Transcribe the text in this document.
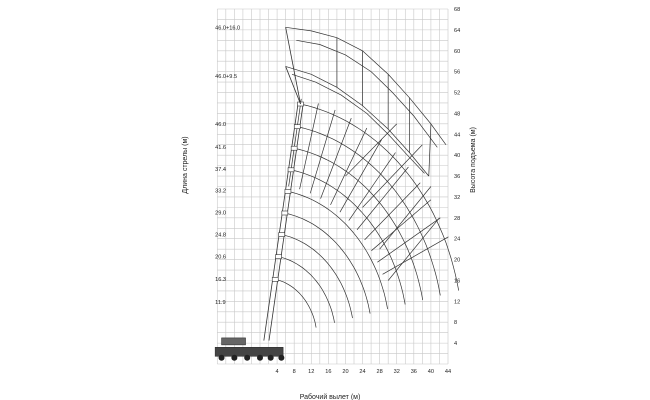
4 8 12 16 20 24 28 32 36 40 44
4
8
12
16
20
24
28
32
36
40
44
48
52
56
60
64
68
11.9
16.3
20.6
24.8
29.0
33.2
37.4
41.6
46.0
46.0+9.5
46.0+16.0
Рабочий вылет (м)
Длина стрелы (м)	Высота подъема (м)
